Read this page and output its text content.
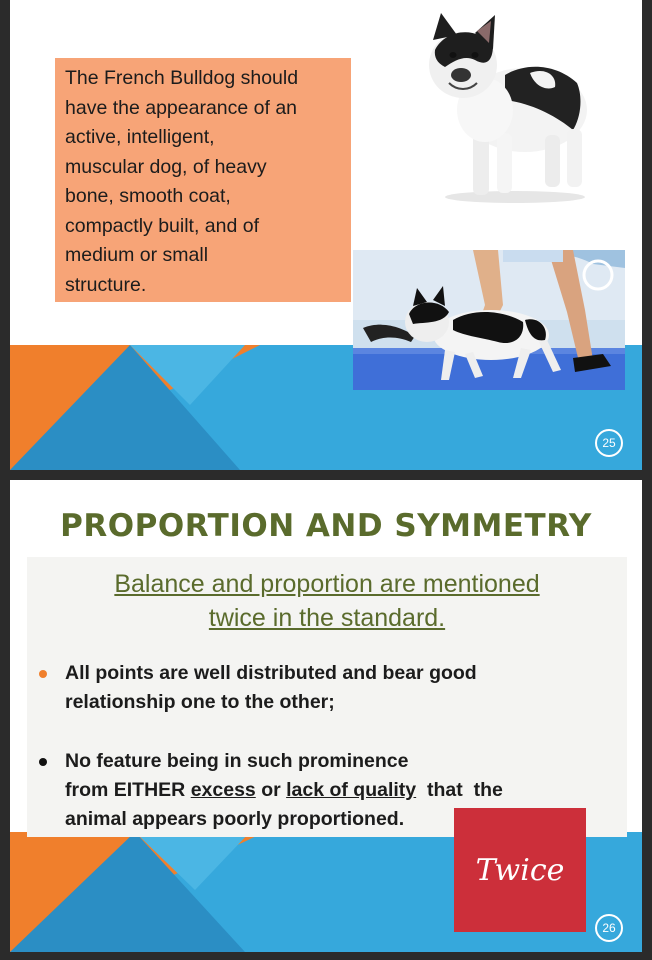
The French Bulldog should
have the appearance of an
active, intelligent,
muscular dog, of heavy
bone, smooth coat,
compactly built, and of
medium or small
structure.
25
PROPORTION AND SYMMETRY
Balance and proportion are mentioned
twice in the standard.
All points are well distributed and bear good
relationship one to the other;
No feature being in such prominence
from EITHER excess or lack of quality that  the
animal appears poorly proportioned.
Twice
26
